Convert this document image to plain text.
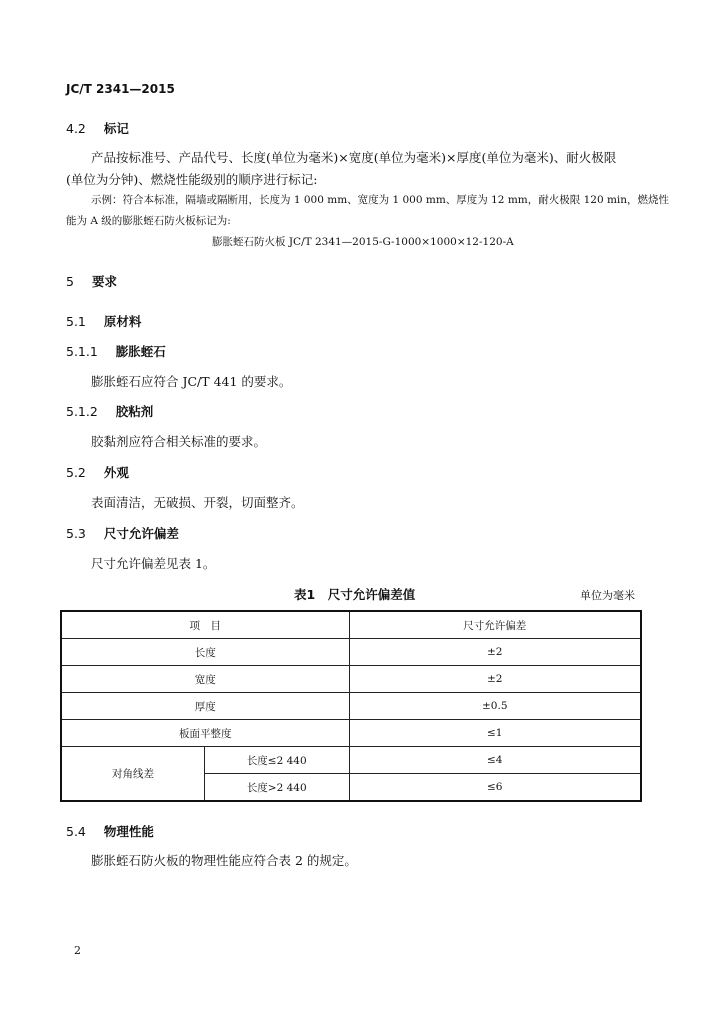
JC/T 2341—2015
4.2 标记
产品按标准号、产品代号、长度(单位为毫米)×宽度(单位为毫米)×厚度(单位为毫米)、耐火极限
(单位为分钟)、燃烧性能级别的顺序进行标记:
示例：符合本标准，隔墙或隔断用，长度为 1 000 mm、宽度为 1 000 mm、厚度为 12 mm，耐火极限 120 min，燃烧性
能为 A 级的膨胀蛭石防火板标记为:
膨胀蛭石防火板 JC/T 2341—2015-G-1000×1000×12-120-A
5 要求
5.1 原材料
5.1.1 膨胀蛭石
膨胀蛭石应符合 JC/T 441 的要求。
5.1.2 胶粘剂
胶黏剂应符合相关标准的要求。
5.2 外观
表面清洁，无破损、开裂，切面整齐。
5.3 尺寸允许偏差
尺寸允许偏差见表 1。
表1　尺寸允许偏差值	单位为毫米
项　目		尺寸允许偏差
长度		±2
宽度		±2
厚度		±0.5
板面平整度		≤1
对角线差	长度≤2 440	≤4
	长度>2 440	≤6
5.4 物理性能
膨胀蛭石防火板的物理性能应符合表 2 的规定。
2
